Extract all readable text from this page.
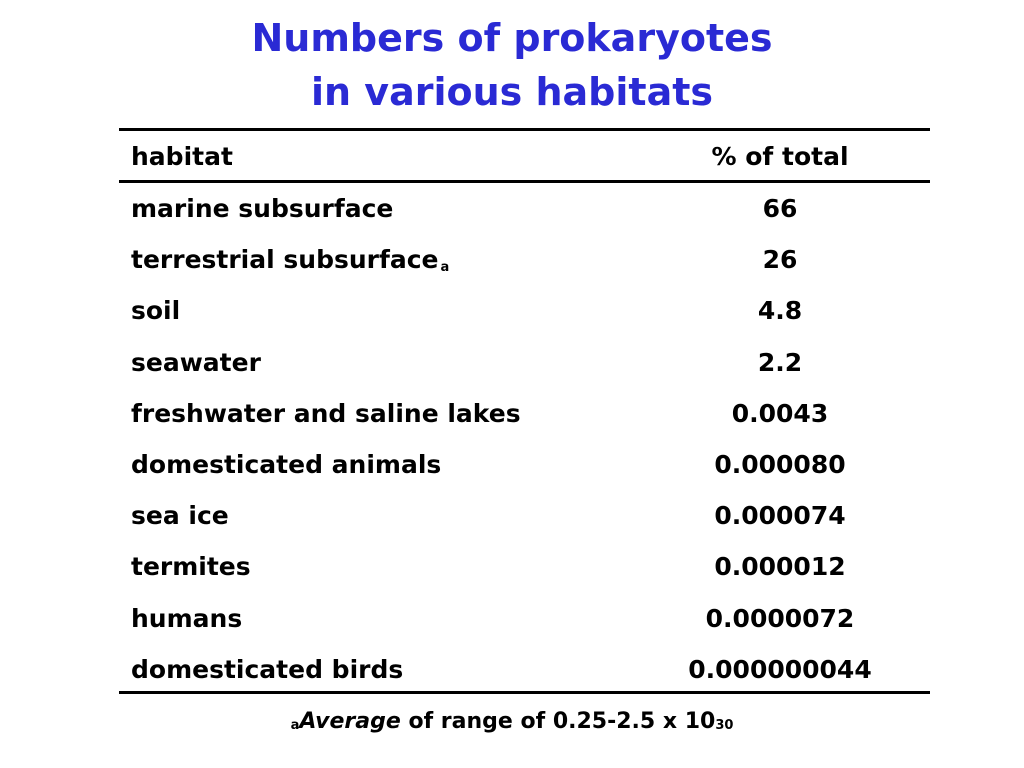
Numbers of prokaryotes
in various habitats
habitat	% of total
marine subsurface	66
terrestrial subsurface $^a$	26
soil	4.8
seawater	2.2
freshwater and saline lakes	0.0043
domesticated animals	0.000080
sea ice	0.000074
termites	0.000012
humans	0.0000072
domesticated birds	0.000000044
$^a$Average of range of 0.25-2.5 x $10^{30}$
